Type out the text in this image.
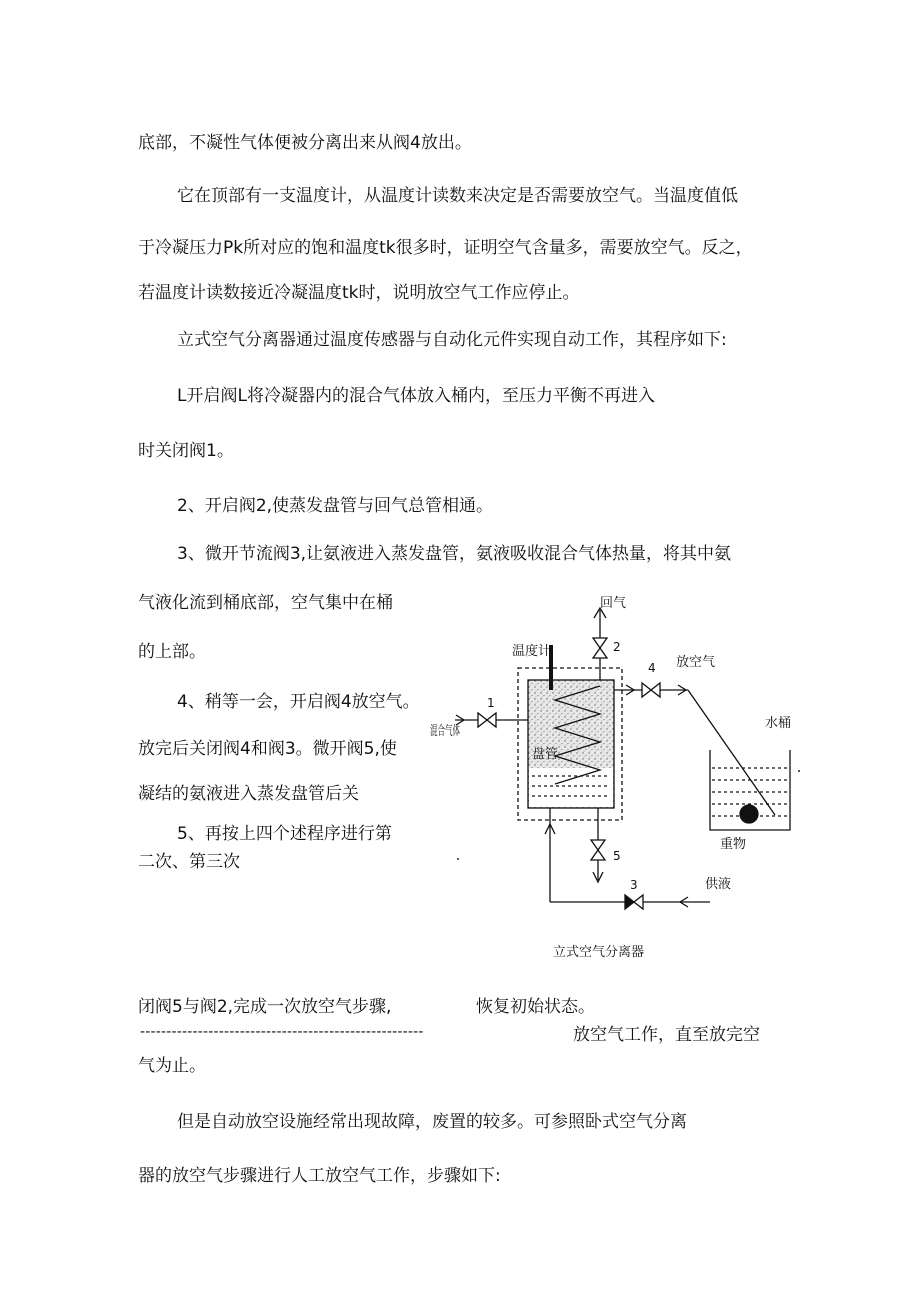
底部，不凝性气体便被分离出来从阀4放出。
它在顶部有一支温度计，从温度计读数来决定是否需要放空气。当温度值低
于冷凝压力Pk所对应的饱和温度tk很多时，证明空气含量多，需要放空气。反之，
若温度计读数接近冷凝温度tk时，说明放空气工作应停止。
立式空气分离器通过温度传感器与自动化元件实现自动工作，其程序如下:
L开启阀L将冷凝器内的混合气体放入桶内，至压力平衡不再进入
时关闭阀1。
2、开启阀2,使蒸发盘管与回气总管相通。
3、微开节流阀3,让氨液进入蒸发盘管，氨液吸收混合气体热量，将其中氨
气液化流到桶底部，空气集中在桶
的上部。
4、稍等一会，开启阀4放空气。
放完后关闭阀4和阀3。微开阀5,使
凝结的氨液进入蒸发盘管后关
5、再按上四个述程序进行第
二次、第三次
闭阀5与阀2,完成一次放空气步骤,	恢复初始状态。
------------------------------------------------------	放空气工作，直至放完空
气为止。
但是自动放空设施经常出现故障，废置的较多。可参照卧式空气分离
器的放空气步骤进行人工放空气工作，步骤如下:
回气
2
温度计
4 放空气
水桶
1
混合气体
盘管
重物
5
3	供液
立式空气分离器
